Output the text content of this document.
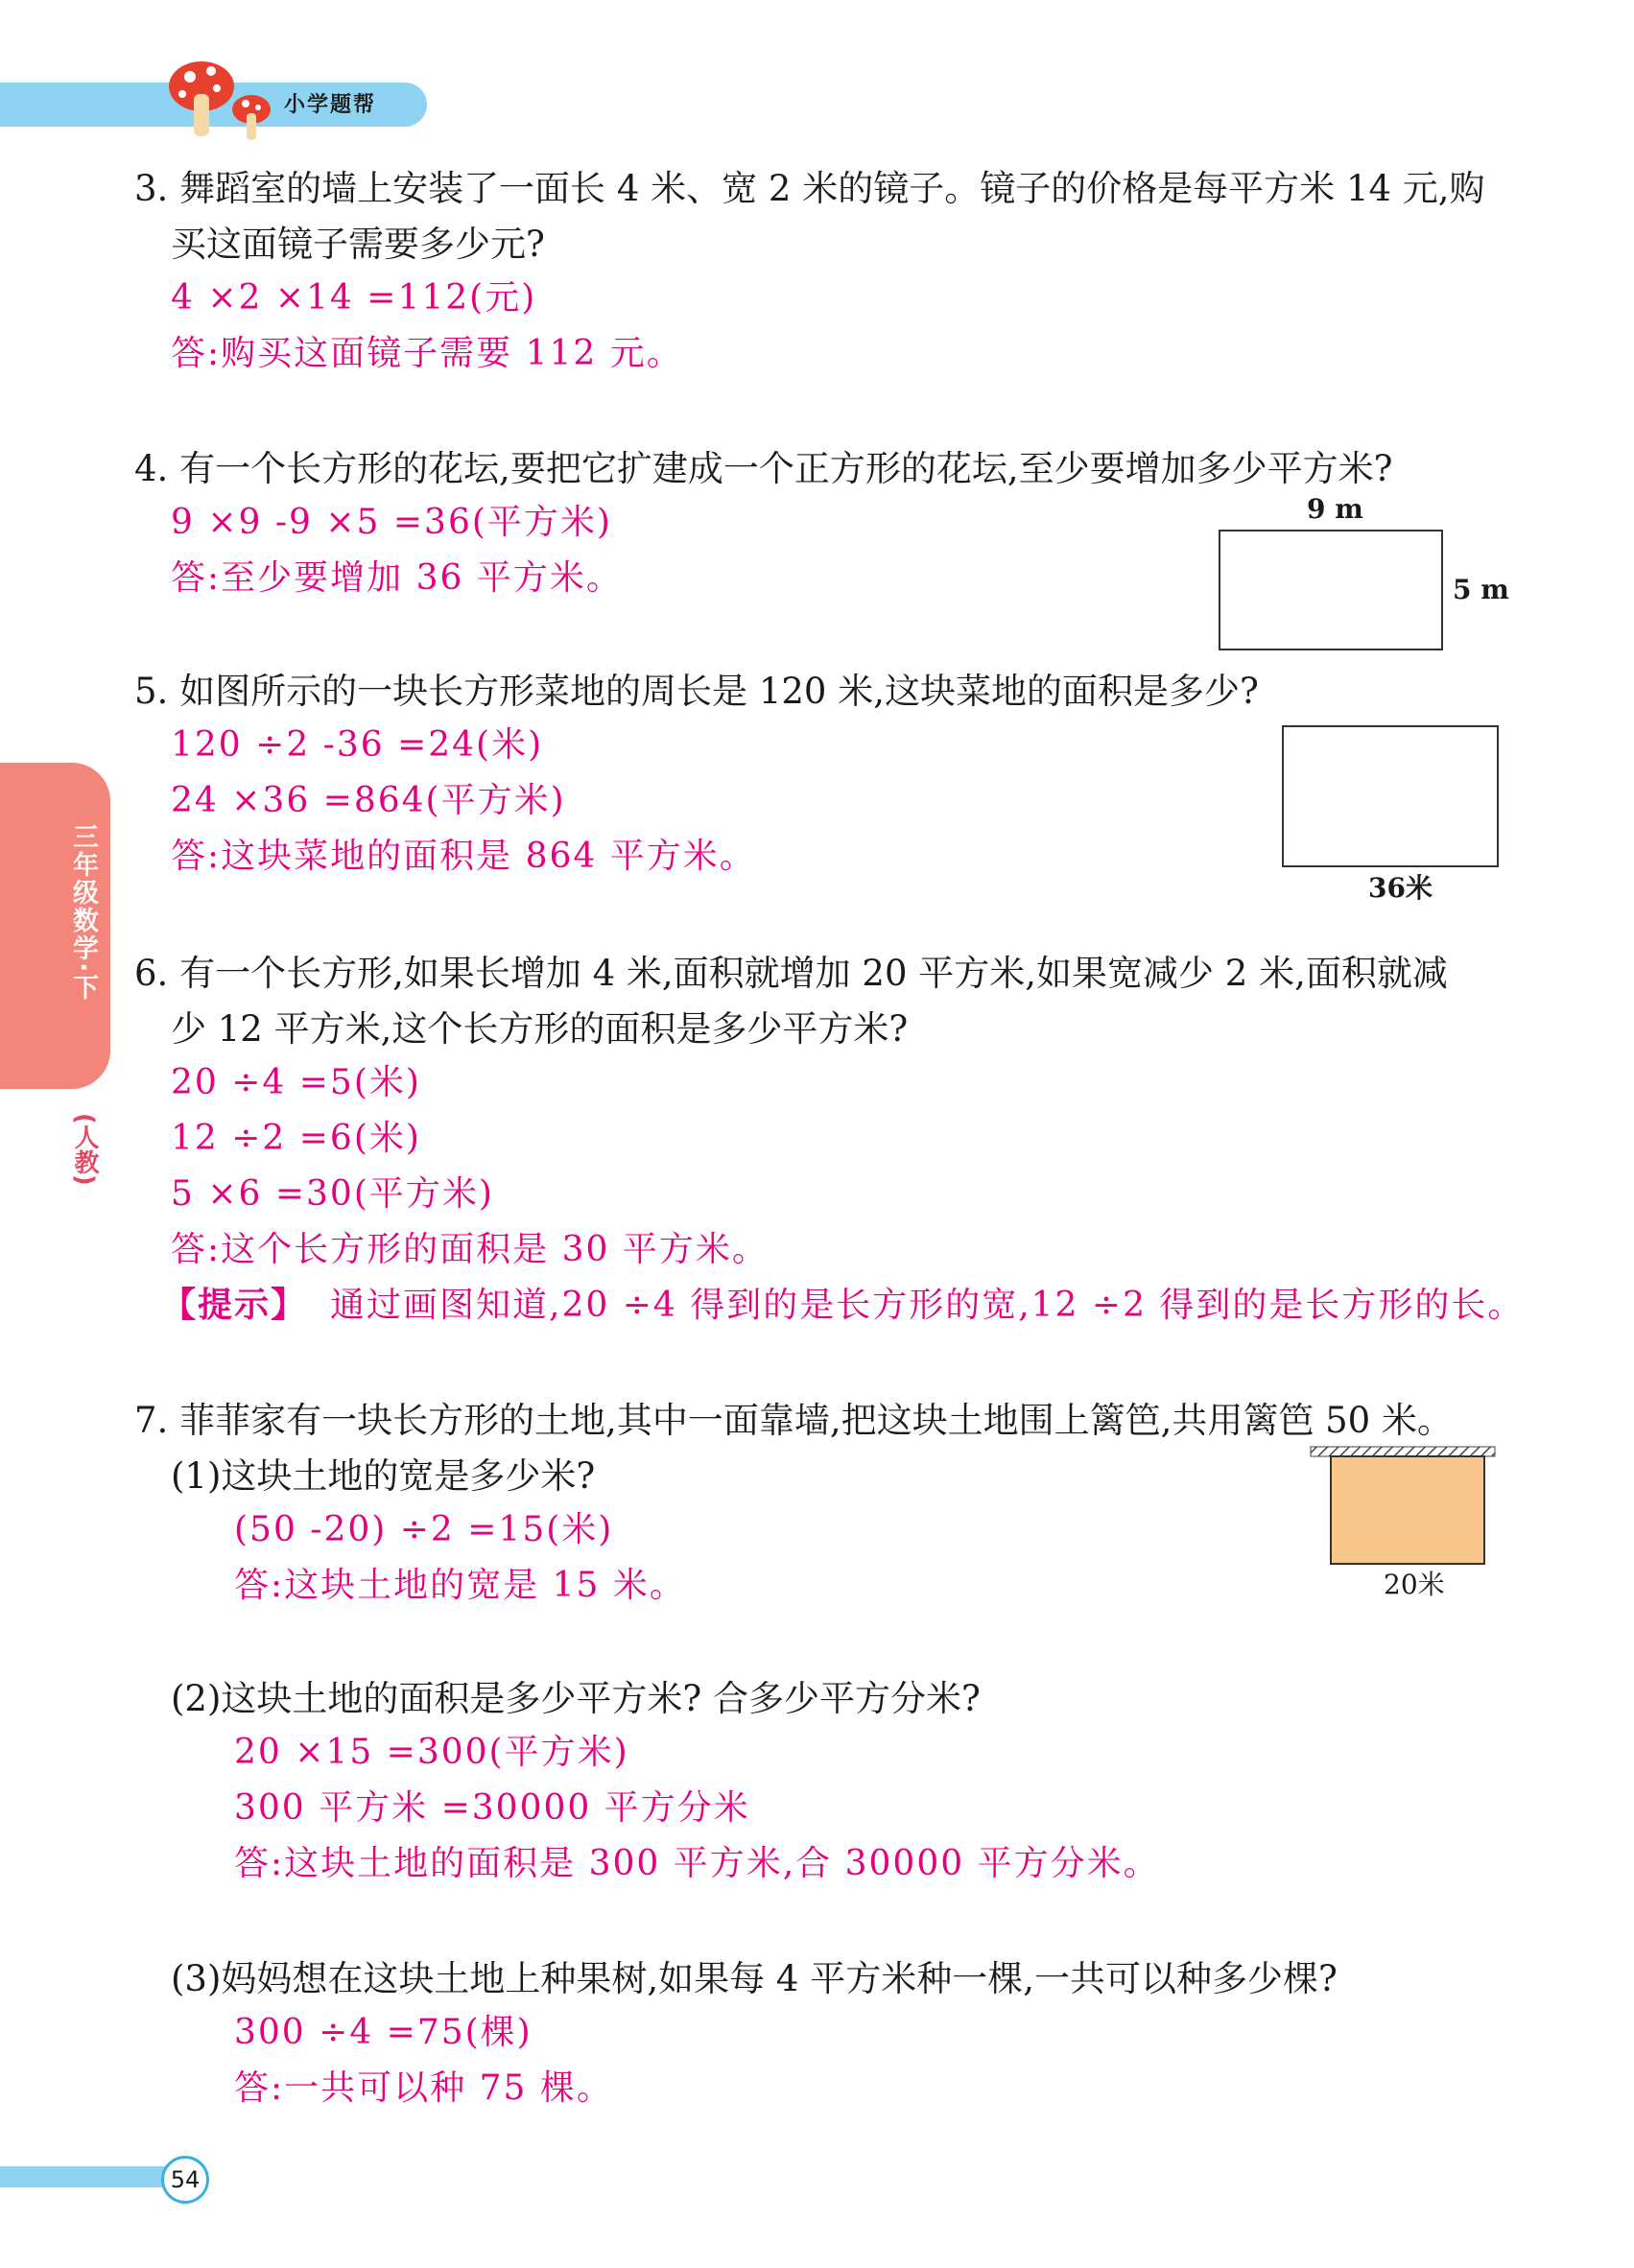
小学题帮
三年级数学·下
(人教)
3. 舞蹈室的墙上安装了一面长 4 米、宽 2 米的镜子。镜子的价格是每平方米 14 元,购
买这面镜子需要多少元?
4 ×2 ×14 =112(元)
答:购买这面镜子需要 112 元。
4. 有一个长方形的花坛,要把它扩建成一个正方形的花坛,至少要增加多少平方米?
9 ×9 -9 ×5 =36(平方米)
答:至少要增加 36 平方米。
9 m
5 m
5. 如图所示的一块长方形菜地的周长是 120 米,这块菜地的面积是多少?
120 ÷2 -36 =24(米)
24 ×36 =864(平方米)
答:这块菜地的面积是 864 平方米。
36米
6. 有一个长方形,如果长增加 4 米,面积就增加 20 平方米,如果宽减少 2 米,面积就减
少 12 平方米,这个长方形的面积是多少平方米?
20 ÷4 =5(米)
12 ÷2 =6(米)
5 ×6 =30(平方米)
答:这个长方形的面积是 30 平方米。
【提示】 通过画图知道,20 ÷4 得到的是长方形的宽,12 ÷2 得到的是长方形的长。
7. 菲菲家有一块长方形的土地,其中一面靠墙,把这块土地围上篱笆,共用篱笆 50 米。
(1)这块土地的宽是多少米?
(50 -20) ÷2 =15(米)
答:这块土地的宽是 15 米。	20米
(2)这块土地的面积是多少平方米? 合多少平方分米?
20 ×15 =300(平方米)
300 平方米 =30000 平方分米
答:这块土地的面积是 300 平方米,合 30000 平方分米。
(3)妈妈想在这块土地上种果树,如果每 4 平方米种一棵,一共可以种多少棵?
300 ÷4 =75(棵)
答:一共可以种 75 棵。
54
